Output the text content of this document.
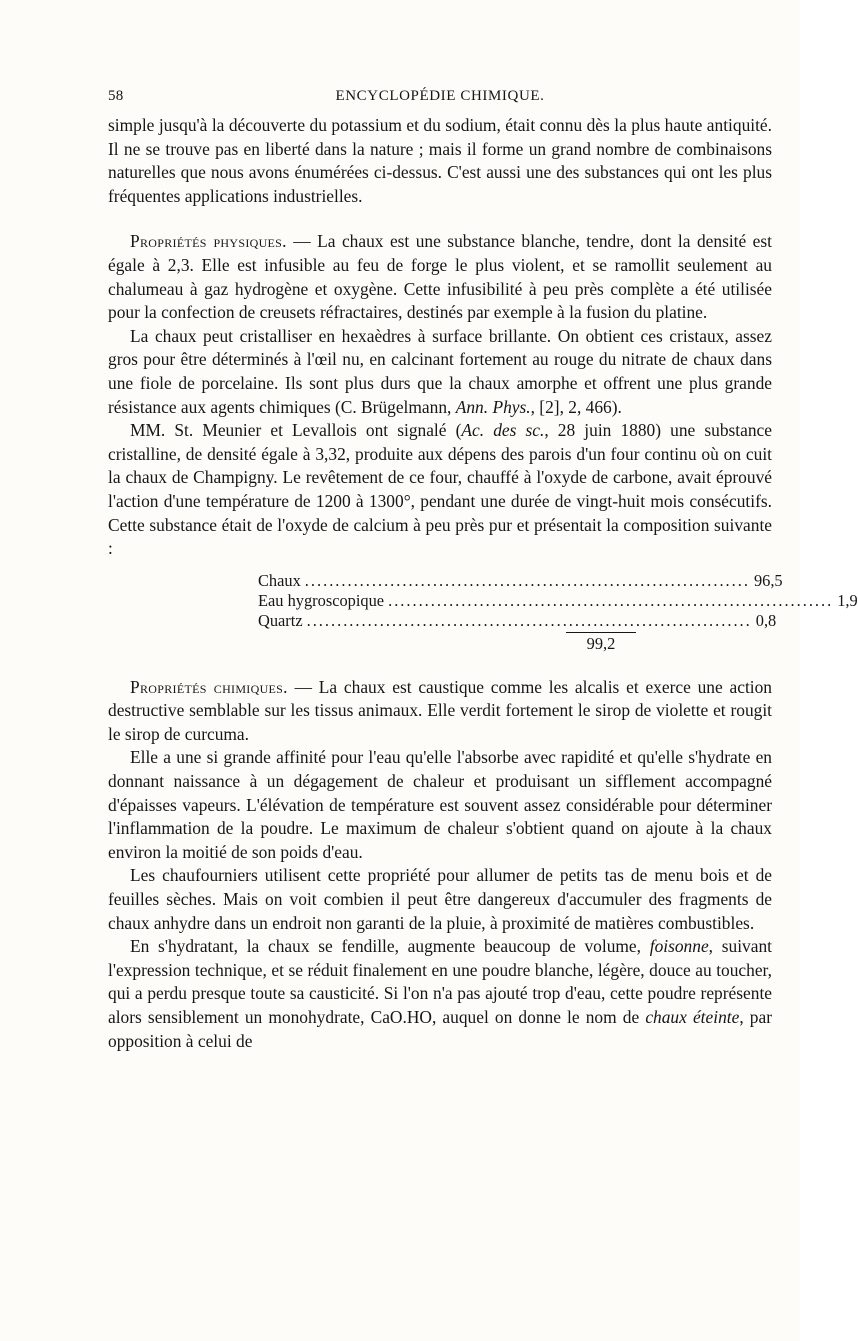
58	ENCYCLOPÉDIE CHIMIQUE.

simple jusqu'à la découverte du potassium et du sodium, était connu dès la plus haute antiquité. Il ne se trouve pas en liberté dans la nature ; mais il forme un grand nombre de combinaisons naturelles que nous avons énumérées ci-dessus. C'est aussi une des substances qui ont les plus fréquentes applications industrielles.

Propriétés physiques. — La chaux est une substance blanche, tendre, dont la densité est égale à 2,3. Elle est infusible au feu de forge le plus violent, et se ramollit seulement au chalumeau à gaz hydrogène et oxygène. Cette infusibilité à peu près complète a été utilisée pour la confection de creusets réfractaires, destinés par exemple à la fusion du platine.

La chaux peut cristalliser en hexaèdres à surface brillante. On obtient ces cristaux, assez gros pour être déterminés à l'œil nu, en calcinant fortement au rouge du nitrate de chaux dans une fiole de porcelaine. Ils sont plus durs que la chaux amorphe et offrent une plus grande résistance aux agents chimiques (C. Brügelmann, Ann. Phys., [2], 2, 466).

MM. St. Meunier et Levallois ont signalé (Ac. des sc., 28 juin 1880) une substance cristalline, de densité égale à 3,32, produite aux dépens des parois d'un four continu où on cuit la chaux de Champigny. Le revêtement de ce four, chauffé à l'oxyde de carbone, avait éprouvé l'action d'une température de 1200 à 1300°, pendant une durée de vingt-huit mois consécutifs. Cette substance était de l'oxyde de calcium à peu près pur et présentait la composition suivante :

Chaux ......................................................................... 96,5
Eau hygroscopique ......................................................................... 1,9
Quartz ......................................................................... 0,8
99,2

Propriétés chimiques. — La chaux est caustique comme les alcalis et exerce une action destructive semblable sur les tissus animaux. Elle verdit fortement le sirop de violette et rougit le sirop de curcuma.

Elle a une si grande affinité pour l'eau qu'elle l'absorbe avec rapidité et qu'elle s'hydrate en donnant naissance à un dégagement de chaleur et produisant un sifflement accompagné d'épaisses vapeurs. L'élévation de température est souvent assez considérable pour déterminer l'inflammation de la poudre. Le maximum de chaleur s'obtient quand on ajoute à la chaux environ la moitié de son poids d'eau.

Les chaufourniers utilisent cette propriété pour allumer de petits tas de menu bois et de feuilles sèches. Mais on voit combien il peut être dangereux d'accumuler des fragments de chaux anhydre dans un endroit non garanti de la pluie, à proximité de matières combustibles.

En s'hydratant, la chaux se fendille, augmente beaucoup de volume, foisonne, suivant l'expression technique, et se réduit finalement en une poudre blanche, légère, douce au toucher, qui a perdu presque toute sa causticité. Si l'on n'a pas ajouté trop d'eau, cette poudre représente alors sensiblement un monohydrate, CaO.HO, auquel on donne le nom de chaux éteinte, par opposition à celui de
